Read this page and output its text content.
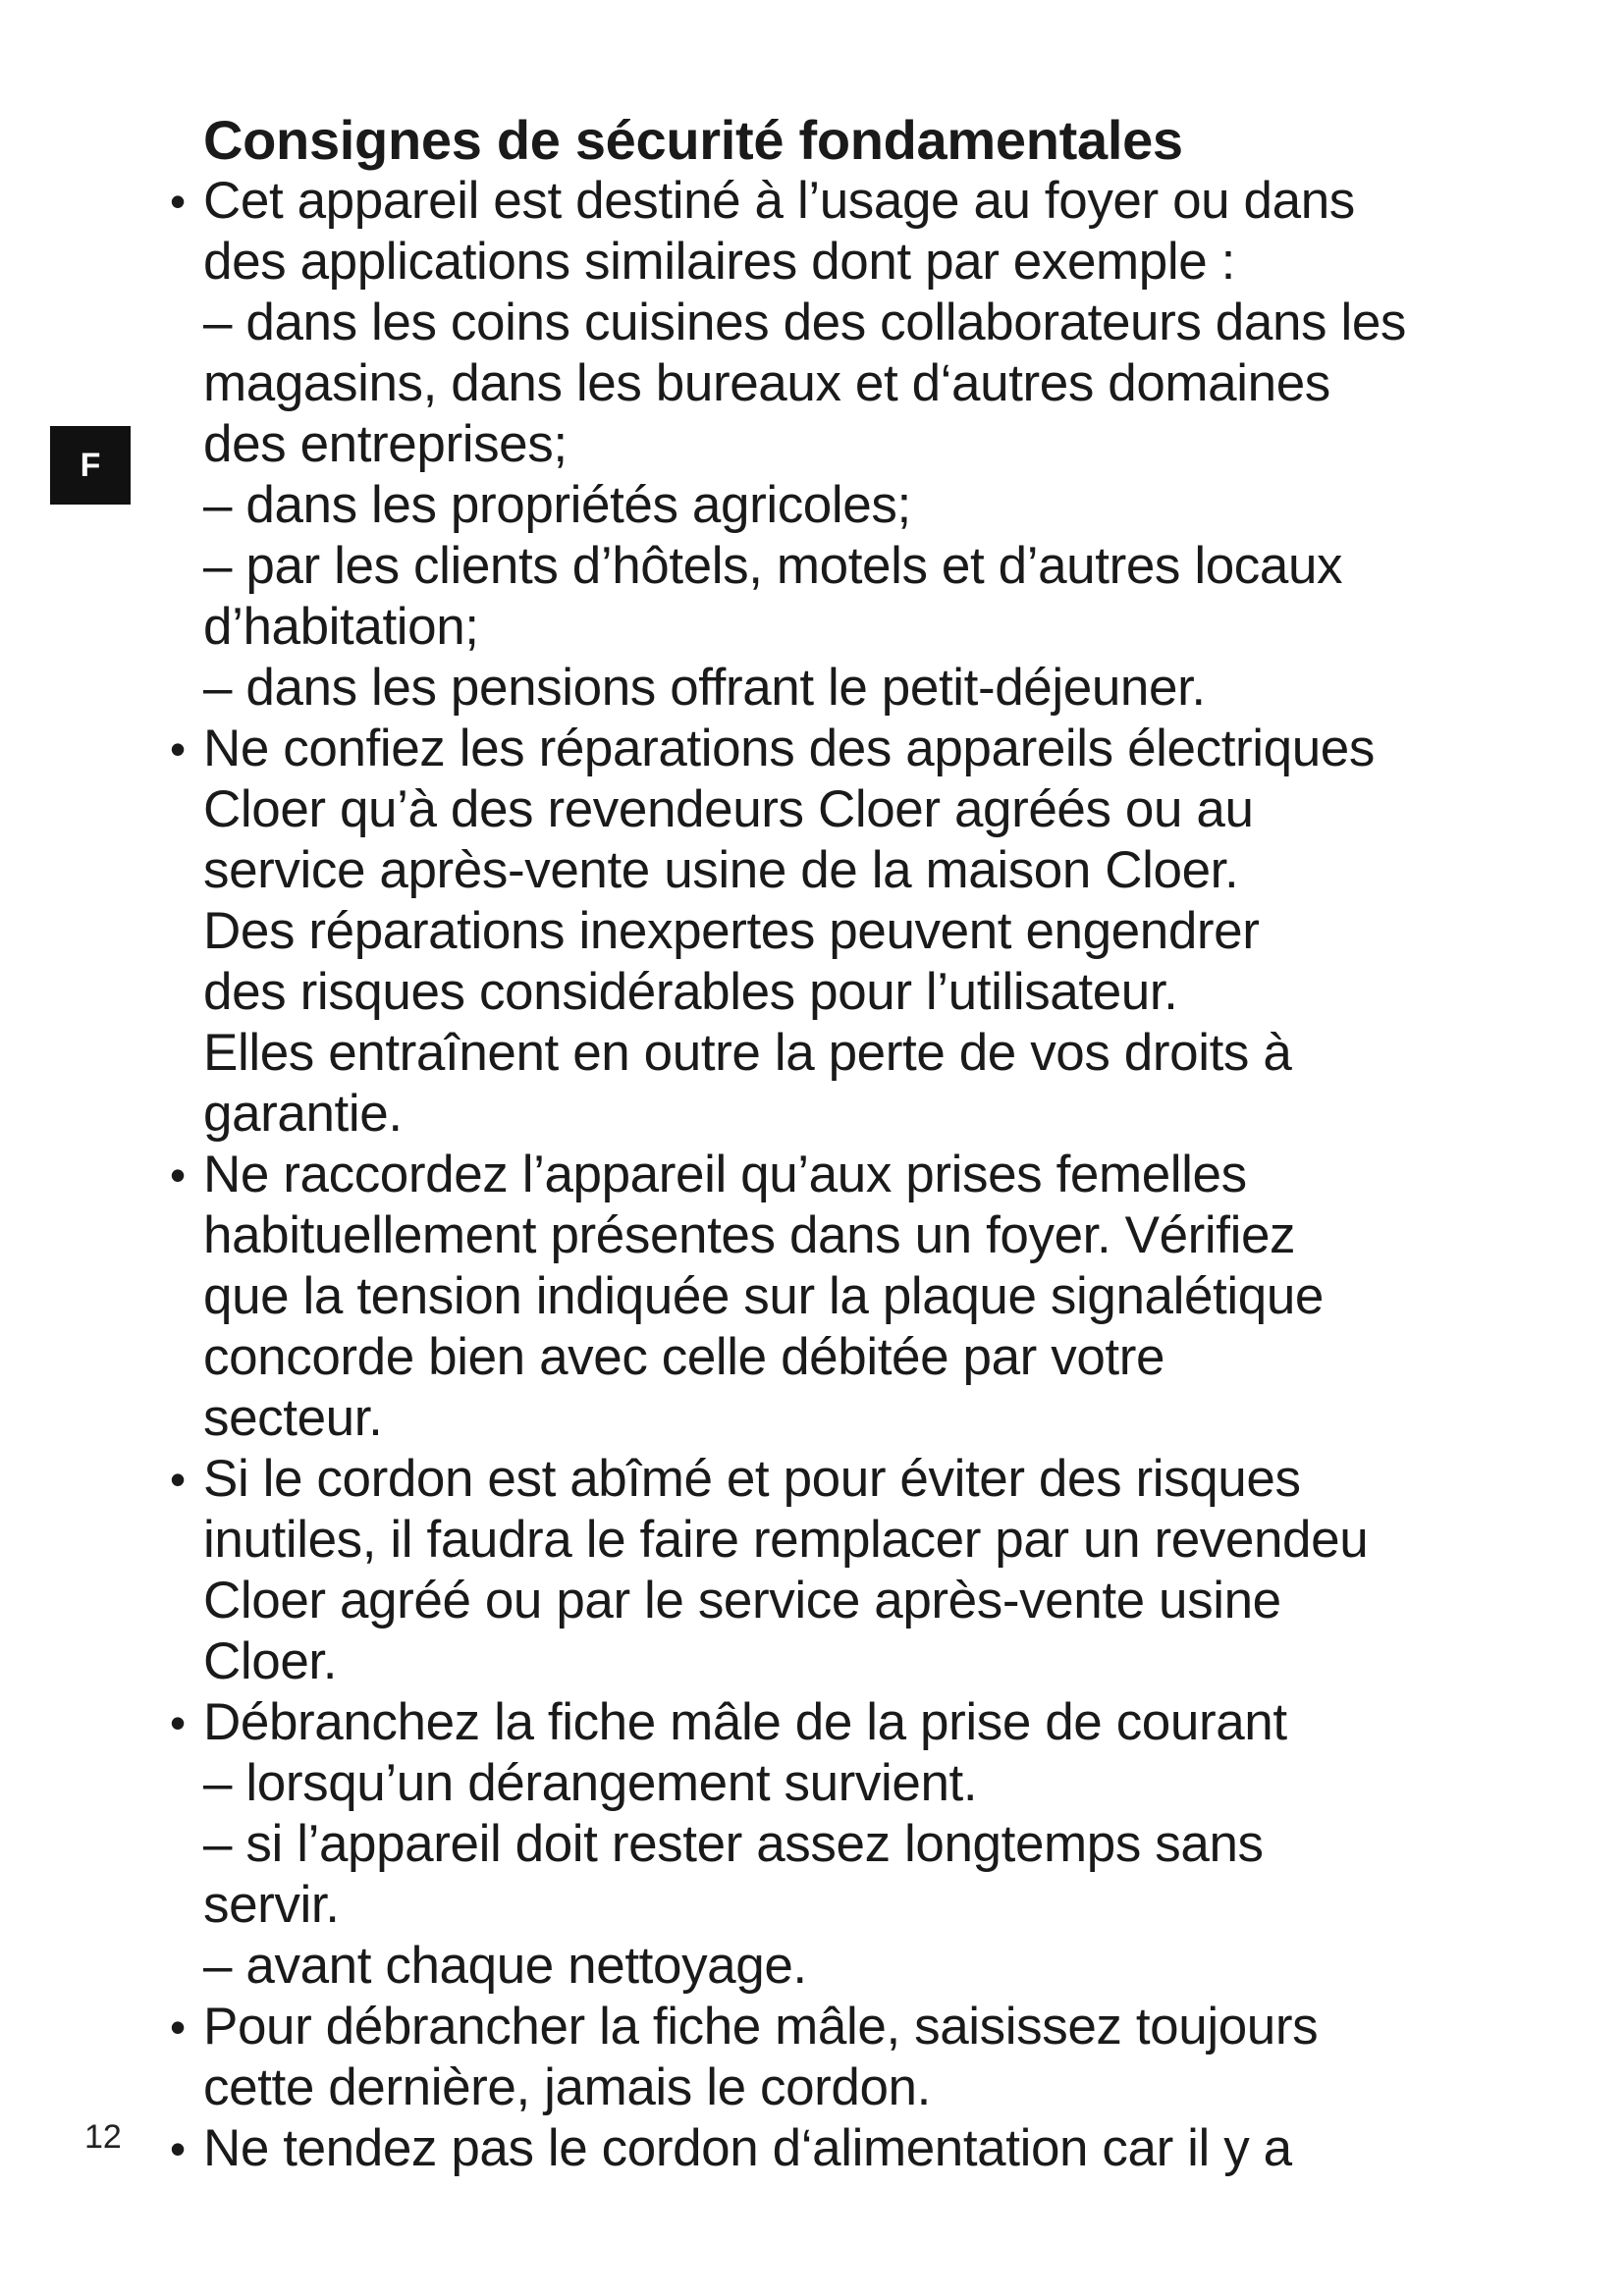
F
12
Consignes de sécurité fondamentales
• Cet appareil est destiné à l’usage au foyer ou dans
des applications similaires dont par exemple :
– dans les coins cuisines des collaborateurs dans les
magasins, dans les bureaux et d‘autres domaines
des entreprises;
– dans les propriétés agricoles;
– par les clients d’hôtels, motels et d’autres locaux
d’habitation;
– dans les pensions offrant le petit-déjeuner.
• Ne confiez les réparations des appareils électriques
Cloer qu’à des revendeurs Cloer agréés ou au
service après-vente usine de la maison Cloer.
Des réparations inexpertes peuvent engendrer
des risques considérables pour l’utilisateur.
Elles entraînent en outre la perte de vos droits à
garantie.
• Ne raccordez l’appareil qu’aux prises femelles
habituellement présentes dans un foyer. Vérifiez
que la tension indiquée sur la plaque signalétique
concorde bien avec celle débitée par votre
secteur.
• Si le cordon est abîmé et pour éviter des risques
inutiles, il faudra le faire remplacer par un revendeu
Cloer agréé ou par le service après-vente usine
Cloer.
• Débranchez la fiche mâle de la prise de courant
– lorsqu’un dérangement survient.
– si l’appareil doit rester assez longtemps sans
servir.
– avant chaque nettoyage.
• Pour débrancher la fiche mâle, saisissez toujours
cette dernière, jamais le cordon.
• Ne tendez pas le cordon d‘alimentation car il y a
